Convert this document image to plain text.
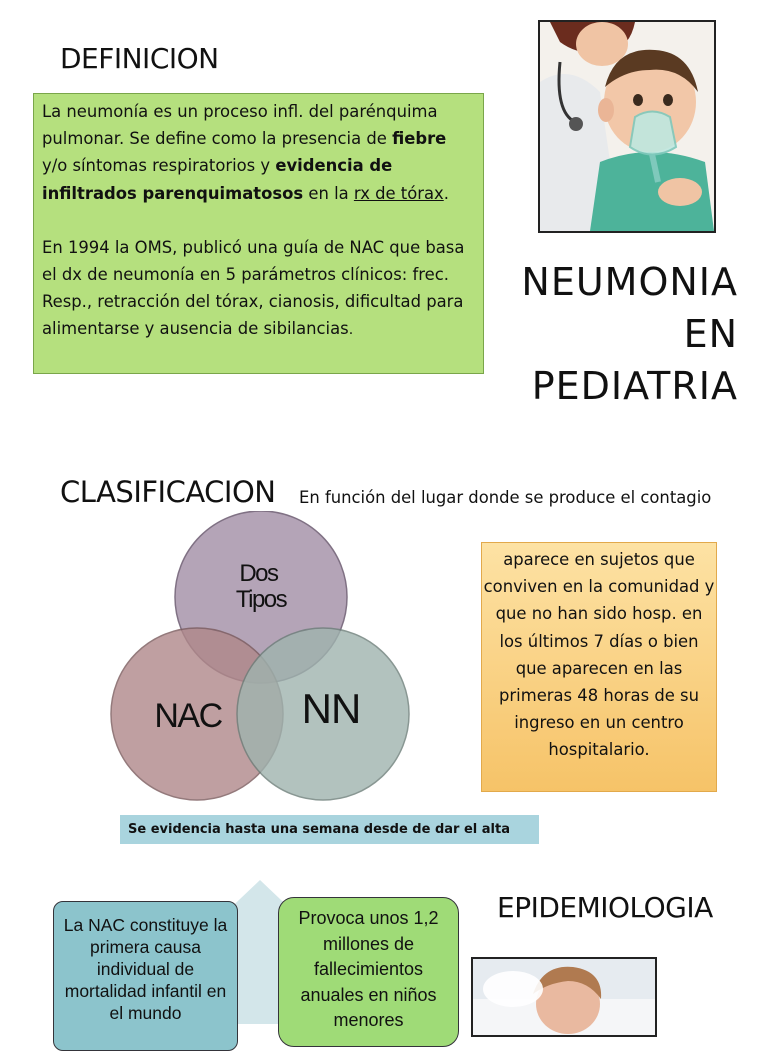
DEFINICION

La neumonía es un proceso infl. del parénquima pulmonar. Se define como la presencia de fiebre y/o síntomas respiratorios y evidencia de infiltrados parenquimatosos en la rx de tórax.

En 1994 la OMS, publicó una guía de NAC que basa el dx de neumonía en 5 parámetros clínicos: frec. Resp., retracción del tórax, cianosis, dificultad para alimentarse y ausencia de sibilancias.

NEUMONIA
EN
PEDIATRIA
CLASIFICACION En función del lugar donde se produce el contagio
Dos Tipos
NAC NN
aparece en sujetos que conviven en la comunidad y que no han sido hosp. en los últimos 7 días o bien que aparecen en las primeras 48 horas de su ingreso en un centro hospitalario.
Se evidencia hasta una semana desde de dar el alta
EPIDEMIOLOGIA
La NAC constituye la primera causa individual de mortalidad infantil en el mundo
Provoca unos 1,2 millones de fallecimientos anuales en niños menores
